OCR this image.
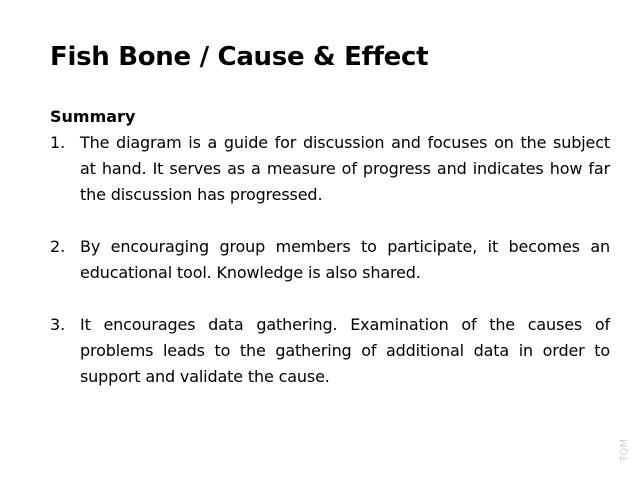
Fish Bone / Cause & Effect

Summary

1. The diagram is a guide for discussion and focuses on the subject at hand. It serves as a measure of progress and indicates how far the discussion has progressed.
2. By encouraging group members to participate, it becomes an educational tool. Knowledge is also shared.
3. It encourages data gathering. Examination of the causes of problems leads to the gathering of additional data in order to support and validate the cause.
TQM
